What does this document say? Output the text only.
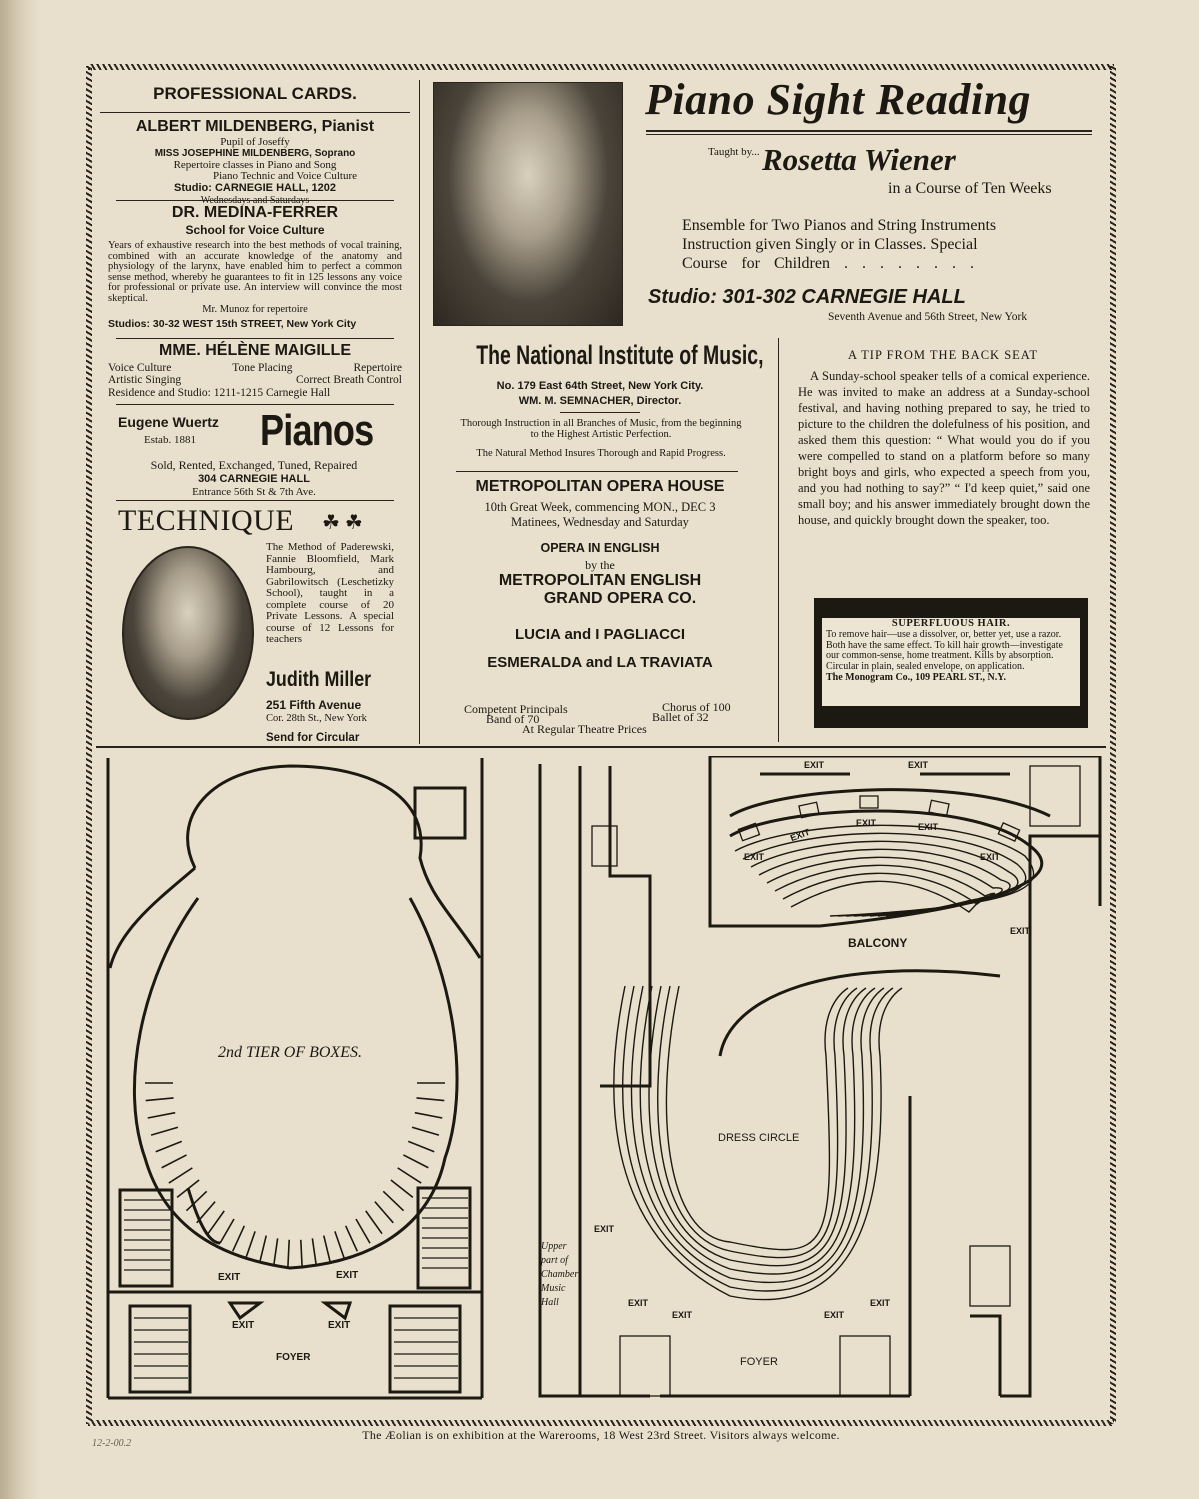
PROFESSIONAL CARDS.
ALBERT MILDENBERG, Pianist
Pupil of Joseffy
MISS JOSEPHINE MILDENBERG, Soprano
Repertoire classes in Piano and Song
Piano Technic and Voice Culture
Studio: CARNEGIE HALL, 1202
Wednesdays and Saturdays
DR. MEDINA-FERRER
School for Voice Culture
Years of exhaustive research into the best methods of vocal training, combined with an accurate knowledge of the anatomy and physiology of the larynx, have enabled him to perfect a common sense method, whereby he guarantees to fit in 125 lessons any voice for professional or private use. An interview will convince the most skeptical.
Mr. Munoz for repertoire
Studios: 30-32 WEST 15th STREET, New York City
MME. HÉLÈNE MAIGILLE
Voice Culture	Tone Placing	Repertoire
Artistic Singing	Correct Breath Control
Residence and Studio: 1211-1215 Carnegie Hall
Eugene Wuertz
Estab. 1881 Pianos
Sold, Rented, Exchanged, Tuned, Repaired
304 CARNEGIE HALL
Entrance 56th St & 7th Ave.
TECHNIQUE ☘ ☘
The Method of Paderewski, Fannie Bloomfield, Mark Hambourg, and Gabrilowitsch (Leschetizky School), taught in a complete course of 20 Private Lessons. A special course of 12 Lessons for teachers
Judith Miller
251 Fifth Avenue
Cor. 28th St., New York
Send for Circular
Piano Sight Reading
Taught by... Rosetta Wiener
in a Course of Ten Weeks
Ensemble for Two Pianos and String Instruments
Instruction given Singly or in Classes. Special
Course for Children . . . . . . . .
Studio: 301-302 CARNEGIE HALL
Seventh Avenue and 56th Street, New York
The National Institute of Music,
No. 179 East 64th Street, New York City.
WM. M. SEMNACHER, Director.
Thorough Instruction in all Branches of Music, from the beginning to the Highest Artistic Perfection.
The Natural Method Insures Thorough and Rapid Progress.
METROPOLITAN OPERA HOUSE
10th Great Week, commencing MON., DEC 3
Matinees, Wednesday and Saturday
OPERA IN ENGLISH
by the
METROPOLITAN ENGLISH
GRAND OPERA CO.
LUCIA and I PAGLIACCI
ESMERALDA and LA TRAVIATA
Competent Principals	Chorus of 100
Band of 70	Ballet of 32
At Regular Theatre Prices
A TIP FROM THE BACK SEAT
A Sunday-school speaker tells of a comical experience. He was invited to make an address at a Sunday-school festival, and having nothing prepared to say, he tried to picture to the children the dolefulness of his position, and asked them this question: “ What would you do if you were compelled to stand on a platform before so many bright boys and girls, who expected a speech from you, and you had nothing to say?” “ I'd keep quiet,” said one small boy; and his answer immediately brought down the house, and quickly brought down the speaker, too.
SUPERFLUOUS HAIR.
To remove hair—use a dissolver, or, better yet, use a razor. Both have the same effect. To kill hair growth—investigate our common-sense, home treatment. Kills by absorption. Circular in plain, sealed envelope, on application.
The Monogram Co., 109 PEARL ST., N.Y.
2nd TIER OF BOXES.
EXIT	EXIT
EXIT	EXIT
FOYER
EXIT	EXIT
EXIT
EXIT	EXIT
EXIT	EXIT
EXIT
BALCONY
DRESS CIRCLE
EXIT
EXIT
EXIT	EXIT
EXIT
FOYER
Upper part of Chamber Music Hall
The Æolian is on exhibition at the Warerooms, 18 West 23rd Street. Visitors always welcome.
12-2-00.2
